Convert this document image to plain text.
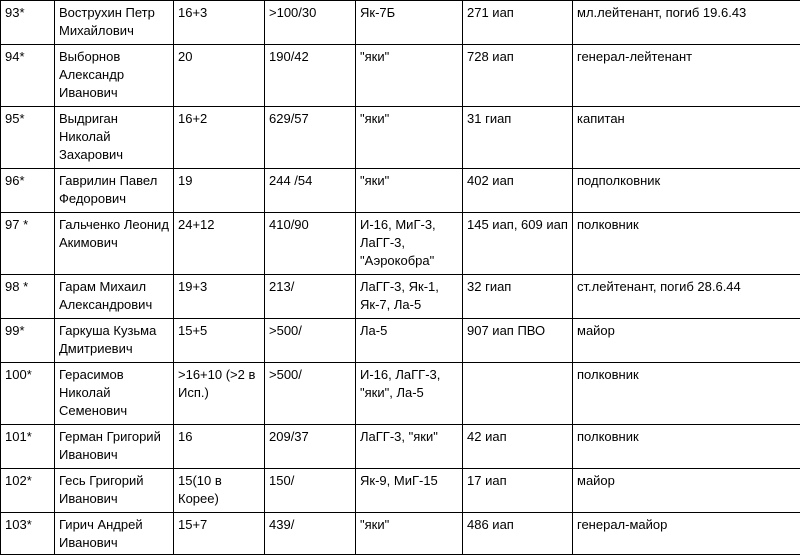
93*	Вострухин Петр Михайлович	16+3	>100/30	Як-7Б	271 иап	мл.лейтенант, погиб 19.6.43
94*	Выборнов Александр Иванович	20	190/42	"яки"	728 иап	генерал-лейтенант
95*	Выдриган Николай Захарович	16+2	629/57	"яки"	31 гиап	капитан
96*	Гаврилин Павел Федорович	19	244 /54	"яки"	402 иап	подполковник
97 *	Гальченко Леонид Акимович	24+12	410/90	И-16, МиГ-3, ЛаГГ-3, "Аэрокобра"	145 иап, 609 иап	полковник
98 *	Гарам Михаил Александрович	19+3	213/	ЛаГГ-3, Як-1, Як-7, Ла-5	32 гиап	ст.лейтенант, погиб 28.6.44
99*	Гаркуша Кузьма Дмитриевич	15+5	>500/	Ла-5	907 иап ПВО	майор
100*	Герасимов Николай Семенович	>16+10 (>2 в Исп.)	>500/	И-16, ЛаГГ-3, "яки", Ла-5		полковник
101*	Герман Григорий Иванович	16	209/37	ЛаГГ-3, "яки"	42 иап	полковник
102*	Гесь Григорий Иванович	15(10 в Корее)	150/	Як-9, МиГ-15	17 иап	майор
103*	Гирич Андрей Иванович	15+7	439/	"яки"	486 иап	генерал-майор
